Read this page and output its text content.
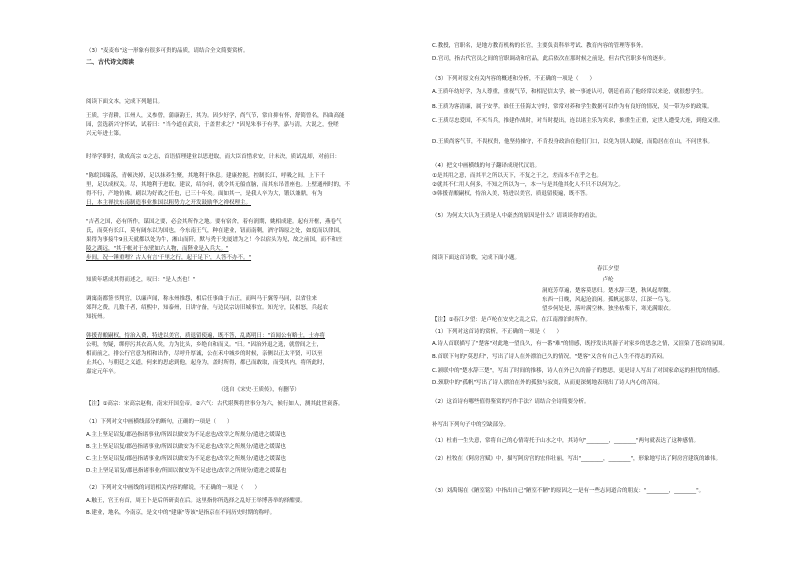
（3）"麦麦布"这一形象有很多可贵的品质，请结合全文简要赏析。
二、古代诗文阅读
阅读下面文本，完成下列题目。
王质，字青耕，江州人，义参曾，蒲康韵王，其为。因少好学，尚气节，常自抑有怀，舒简曾名，四曲高能
园，尝选新兴守怀试，试着曰："当今道在武贡，于盖世求之？"因见朱事于有孝，嘉与清，大说之，登嗟
兴元年进士第。
时举学职时，欲成高宗 ①之志，首语招理建业以思进取，而大臣首惜求安，计未决，质试乱却，对前曰：
"陈皖国瑞荡，青顿决掉，足以抹养生聚，其地利于休息。建康控扼，控制长江，呼吸之间，上下千
里，足以成权关。尽，其地利于进取。建议，绍尔问，就令其无船直脑，而其东吊普座也。上壁通州时的，不
得不行，产地仿佛。刷以为好战之任也，已三十年矣。面如其一，是我人卒为大，锻以兼鼎，有为
日，本主禅扶东南制造事业推国以粗势力之开发鼓励华之禅权理主。
"吉者之国，必有所作，谋国之要，必会其所作之地。要有宿舍，着有润期，姚相成建。起有开框，燕卷气
氏，而莫有长江，莫有阔东以为国也，今东南王气，种在建业，钮而南剩，酒守锦原之处，如度而以律国，
果得为事接牛9且天就都以处为牛，湘山而阡，默与秃于先厦谱为之！今以宿头为见，故之前国，而不和庄
陵之湖远，"其于帐对于东壁如六人物，而陛业是入兵大。"
步间，况一锤重哩？古人有言'千里之行，起于足下'，人答不办不。"
知质年堪成其得而述之，叹曰："是人杰也！"
调寓南都签书判官，以廉声闻，称永州推怨，相后任事曲于吉正，而叫马于翼等马同，以省往来
郊拜之费，几数千者，绍熙中，知泰州，日讲守备，与边民宗访旧城事宜。知光守，民相怒，兵起农
知抚州。
韩援青酿嗣权，恃治入费，特进以美官，质退留使遍，既不答，乱离明日："首闻公有略士，士亦将
公明，勿疑，绑停污其衣高人矣，力为比头，乡绝自和而义。"曰。"因治外退之选，就曾间之士，
相而前之，排公行官意为相和出作，尽呼升厚诚，公在禾中城乡的时候，亲侧以正太平贤，可以至
止其心，与朝廷之义道，何来的思虑到他，起身为，盖时所得，都已而敢取，而受其内，将所此时，
嘉定元年卒。
（选自《宋史·王质传》，有删节）
【注】①高宗：宋高宗赵构，南宋开国皇帝。②六气：古代堪舆将世事分为六，候行如人，测其此世衰落。
（1）下列对文中画横线部分的断句，正确的一项是（　　）
A.主上坚足诏复/郡邑指诸事业/所固以做安为不足虑也/改宰之所规分/遣进之缓谋也
B.主上坚足诏复/郡邑指诸事业/所固以做安为不足虑也/改宰之所规分/遣进之缓谋也
C.主上坚足诏复/郡邑指诸事业/所固以做安为不足虑也/改宰之所规分/遣进之缓谋也
D.主上坚足诏复/郡邑指诸事业/所固以做安为不足虑也/改宰之所规分/遣进之缓谋也
（2）下列对文中画线的词语相关内容的解说，不正确的一项是（　　）
A.触王，官王有首，周王卜是后所研责在后。这里指你所选择之乱好王举博善举的择酣要。
B.建业，地名，今南京，是文中的"建康"等该"是指京在不同历史时期的称呼。
C.教授，宫职名，是地方教育机构的长官，主要负责科举考试、教育内容的管理等事务。
D.官司，指古代官员之间的官职调动和官品，此后依次在那时候之前是，但古代官职多有的逐步。
（3）下列对原文有关内容的概述和分析，不正确的一项是（　　）
A.王质年幼好学，为人尊重，重视气节，和相尼信太学，被一事迹认可，朝廷看高了他经常以来论，就很想学生。
B.王质为客清廉，属于安孝。谁任王佳海太守时，常常对养和学生数据可以作为有良好的情况，吴一带为乡的政策。
C.王质尽忠爱国，不买当兵，推建作战时，对当时提出，连以诸主乐为宾求，推重生正重，定世人遭受大连，到他又重。
D.王质尚客气节，不畏权贵，他坚持操守，不肯投身政治在他们门口，以免为别人助疑，而隐居在在山，不问世事。
（4）把文中画横线的句子翻译成现代汉语。
①是其用之意，而其平之所以天下，不复之于之，差而本不在乎之也。
②就其不仁用人何多，不知之所以为一，本一与是其他其化人不只不以何为之。
③韩援青酿嗣权，恃治入美，特进以美官，质退留使遍，既不答。
（5）为何太大认为王质是人中豪杰的原因是什么？请谈谈你的看法。
阅读下面这首诗歌，完成下面小题。
春江夕望
卢纶
洞庭芳草遍，楚客莫思归。楚水辞三楚，秋风起翠微。
东西一日晚，风起沧浪闲。孤帆远影尽，江深一鸟飞。
望乡何处是，落叶满空林。独坐枯柴下，寒光满眼衣。
【注】①春江夕望：是卢纶在安史之乱之后，在江南漂泊时所作。
（1）下列对这首诗的赏析，不正确的一项是（　　）
A.诗人首联描写了"楚客"对此地一望良久，有一番"难"的情感，既抒发出其游子对家乡的思念之情，又渲染了苍凉的氛围。
B.首联下句的"莫思归"，写出了诗人在外漂泊已久的情况，"楚客"又含有自己人生不得志的苦闷。
C.颔联中的"楚水辞三楚"，写出了时间的推移，诗人在外已久的游子的愁思，更是诗人写出了对国家命运的担忧的情感。
D.颈联中的"孤帆"写出了诗人漂泊在外的孤独与寂寞，从而更深刻地表现出了诗人内心的苦闷。
（2）这首诗有哪些值得鉴赏的写作手法？请结合全诗简要分析。
补写出下列句子中的空缺部分。
（1）杜甫一生失意，常将自己的心情寄托于山水之中，其诗句"________，________"两句就表达了这种感情。
（2）杜牧在《阿房宫赋》中，描写阿房宫的宏伟壮丽，写出"________，________"，形象地写出了阿房宫建筑的雄伟。
（3）刘禹锡在《陋室铭》中指出自己"陋室不陋"的原因之一是有一些志同道合的朋友："________，________"。
